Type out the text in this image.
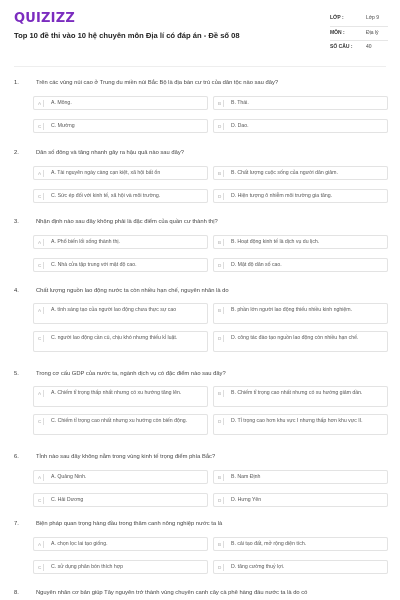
QUIZIZZ
Top 10 đề thi vào 10 hệ chuyên môn Địa lí có đáp án - Đề số 08
LỚP :	Lớp 9
MÔN :	Địa lý
SỐ CÂU :	40
1.	Trên các vùng núi cao ở Trung du miền núi Bắc Bộ là địa bàn cư trú của dân tộc nào sau đây?
A	A. Mông.	B	B. Thái.
C	C. Mường	D	D. Dao.
2.	Dân số đông và tăng nhanh gây ra hậu quả nào sau đây?
A	A. Tài nguyên ngày càng cạn kiệt, xã hội bất ổn	B	B. Chất lượng cuộc sống của người dân giảm.
C	C. Sức ép đối với kinh tế, xã hội và môi trường.	D	D. Hiện tượng ô nhiễm môi trường gia tăng.
3.	Nhận định nào sau đây không phải là đặc điểm của quần cư thành thị?
A	A. Phổ biến lối sống thành thị.	B	B. Hoạt động kinh tế là dịch vụ du lịch.
C	C. Nhà cửa tập trung với mật độ cao.	D	D. Mật độ dân số cao.
4.	Chất lượng nguồn lao động nước ta còn nhiều hạn chế, nguyên nhân là do
A	A. tính sáng tạo của người lao động chưa thực sự cao	B	B. phần lớn người lao động thiếu nhiều kinh nghiệm.
C	C. người lao động cần cù, chịu khó nhưng thiếu kỉ luật.	D	D. công tác đào tạo nguồn lao động còn nhiều hạn chế.
5.	Trong cơ cấu GDP của nước ta, ngành dịch vụ có đặc điểm nào sau đây?
A	A. Chiếm tỉ trọng thấp nhất nhưng có xu hướng tăng lên.	B	B. Chiếm tỉ trọng cao nhất nhưng có xu hướng giảm dần.
C	C. Chiếm tỉ trọng cao nhất nhưng xu hướng còn biến động.	D	D. Tỉ trọng cao hơn khu vực I nhưng thấp hơn khu vực II.
6.	Tỉnh nào sau đây không nằm trong vùng kinh tế trọng điểm phía Bắc?
A	A. Quảng Ninh.	B	B. Nam Định
C	C. Hải Dương	D	D. Hưng Yên
7.	Biện pháp quan trọng hàng đầu trong thâm canh nông nghiệp nước ta là
A	A. chọn lọc lai tạo giống.	B	B. cải tạo đất, mở rộng diện tích.
C	C. sử dụng phân bón thích hợp	D	D. tăng cường thuỷ lợi.
8.	Nguyên nhân cơ bản giúp Tây nguyên trở thành vùng chuyên canh cây cà phê hàng đầu nước ta là do có
